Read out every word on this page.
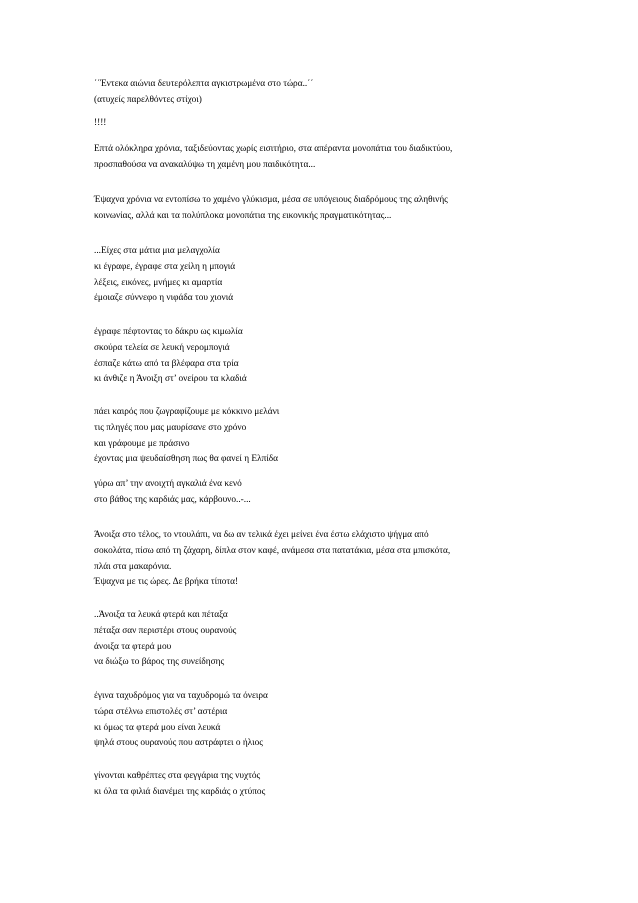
΄΄Έντεκα αιώνια δευτερόλεπτα αγκιστρωμένα στο τώρα..΄΄

(ατυχείς παρελθόντες στίχοι)

!!!!

Επτά ολόκληρα χρόνια, ταξιδεύοντας χωρίς εισιτήριο, στα απέραντα μονοπάτια του διαδικτύου,

προσπαθούσα να ανακαλύψω τη χαμένη μου παιδικότητα...

Έψαχνα χρόνια να εντοπίσω το χαμένο γλύκισμα, μέσα σε υπόγειους διαδρόμους της αληθινής

κοινωνίας, αλλά και τα πολύπλοκα μονοπάτια της εικονικής πραγματικότητας...

...Είχες στα μάτια μια μελαγχολία

κι έγραφε, έγραφε στα χείλη η μπογιά

λέξεις, εικόνες, μνήμες κι αμαρτία

έμοιαζε σύννεφο η νιφάδα του χιονιά

έγραφε πέφτοντας το δάκρυ ως κιμωλία

σκούρα τελεία σε λευκή νερομπογιά

έσπαζε κάτω από τα βλέφαρα στα τρία

κι άνθιζε η Άνοιξη στ’ ονείρου τα κλαδιά

πάει καιρός που ζωγραφίζουμε με κόκκινο μελάνι

τις πληγές που μας μαυρίσανε στο χρόνο

και γράφουμε με πράσινο

έχοντας μια ψευδαίσθηση πως θα φανεί η Ελπίδα

γύρω απ’ την ανοιχτή αγκαλιά ένα κενό

στο βάθος της καρδιάς μας, κάρβουνο..-...

Άνοιξα στο τέλος, το ντουλάπι, να δω αν τελικά έχει μείνει ένα έστω ελάχιστο ψήγμα από

σοκολάτα, πίσω από τη ζάχαρη, δίπλα στον καφέ, ανάμεσα στα πατατάκια, μέσα στα μπισκότα,

πλάι στα μακαρόνια.

Έψαχνα με τις ώρες. Δε βρήκα τίποτα!

..Άνοιξα τα λευκά φτερά και πέταξα

πέταξα σαν περιστέρι στους ουρανούς

άνοιξα τα φτερά μου

να διώξω το βάρος της συνείδησης

έγινα ταχυδρόμος για να ταχυδρομώ τα όνειρα

τώρα στέλνω επιστολές στ’ αστέρια

κι όμως τα φτερά μου είναι λευκά

ψηλά στους ουρανούς που αστράφτει ο ήλιος

γίνονται καθρέπτες στα φεγγάρια της νυχτός

κι όλα τα φιλιά διανέμει της καρδιάς ο χτύπος
